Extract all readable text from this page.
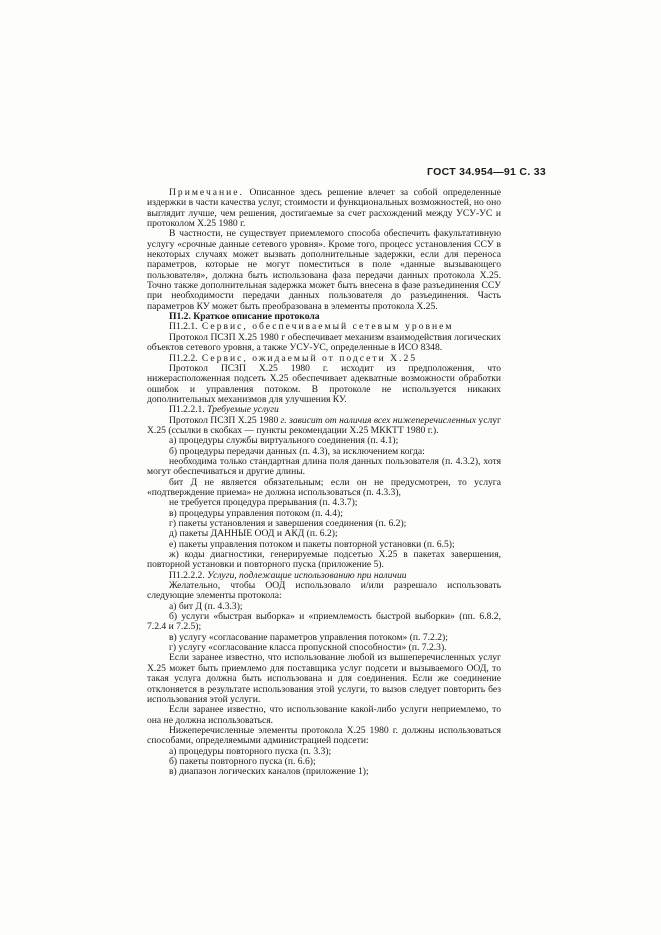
ГОСТ 34.954—91 С. 33

Примечание. Описанное здесь решение влечет за собой определенные издержки в части качества услуг, стоимости и функциональных возможностей, но оно выглядит лучше, чем решения, достигаемые за счет расхождений между УСУ-УС и протоколом Х.25 1980 г.

В частности, не существует приемлемого способа обеспечить факультативную услугу «срочные данные сетевого уровня». Кроме того, процесс установления ССУ в некоторых случаях может вызвать дополнительные задержки, если для переноса параметров, которые не могут поместиться в поле «данные вызывающего пользователя», должна быть использована фаза передачи данных протокола Х.25. Точно также дополнительная задержка может быть внесена в фазе разъединения ССУ при необходимости передачи данных пользователя до разъединения. Часть параметров КУ может быть преобразована в элементы протокола Х.25.

П1.2. Краткое описание протокола

П1.2.1. Сервис, обеспечиваемый сетевым уровнем

Протокол ПСЗП Х.25 1980 г обеспечивает механизм взаимодействия логических объектов сетевого уровня, а также УСУ-УС, определенные в ИСО 8348.

П1.2.2. Сервис, ожидаемый от подсети Х.25

Протокол ПСЗП Х.25 1980 г. исходит из предположения, что нижерасположенная подсеть Х.25 обеспечивает адекватные возможности обработки ошибок и управления потоком. В протоколе не используется никаких дополнительных механизмов для улучшения КУ.

П1.2.2.1. Требуемые услуги

Протокол ПСЗП Х.25 1980 г. зависит от наличия всех нижеперечисленных услуг Х.25 (ссылки в скобках — пункты рекомендации Х.25 МККТТ 1980 г.).

а) процедуры службы виртуального соединения (п. 4.1);

б) процедуры передачи данных (п. 4.3), за исключением когда:

необходима только стандартная длина поля данных пользователя (п. 4.3.2), хотя могут обеспечиваться и другие длины.

бит Д не является обязательным; если он не предусмотрен, то услуга «подтверждение приема» не должна использоваться (п. 4.3.3),

не требуется процедура прерывания (п. 4.3.7);

в) процедуры управления потоком (п. 4.4);

г) пакеты установления и завершения соединения (п. 6.2);

д) пакеты ДАННЫЕ ООД и АКД (п. 6.2);

е) пакеты управления потоком и пакеты повторной установки (п. 6.5);

ж) коды диагностики, генерируемые подсетью Х.25 в пакетах завершения, повторной установки и повторного пуска (приложение 5).

П1.2.2.2. Услуги, подлежащие использованию при наличии

Желательно, чтобы ООД использовало и/или разрешало использовать следующие элементы протокола:

а) бит Д (п. 4.3.3);

б) услуги «быстрая выборка» и «приемлемость быстрой выборки» (пп. 6.8.2, 7.2.4 и 7.2.5);

в) услугу «согласование параметров управления потоком» (п. 7.2.2);

г) услугу «согласование класса пропускной способности» (п. 7.2.3).

Если заранее известно, что использование любой из вышеперечисленных услуг Х.25 может быть приемлемо для поставщика услуг подсети и вызываемого ООД, то такая услуга должна быть использована и для соединения. Если же соединение отклоняется в результате использования этой услуги, то вызов следует повторить без использования этой услуги.

Если заранее известно, что использование какой-либо услуги неприемлемо, то она не должна использоваться.

Нижеперечисленные элементы протокола Х.25 1980 г. должны использоваться способами, определяемыми администрацией подсети:

а) процедуры повторного пуска (п. 3.3);

б) пакеты повторного пуска (п. 6.6);

в) диапазон логических каналов (приложение 1);
